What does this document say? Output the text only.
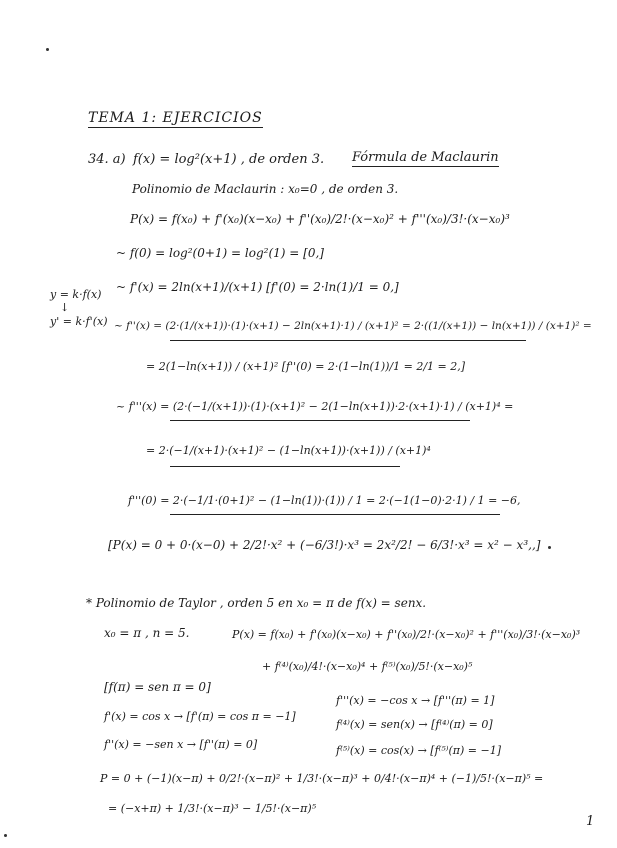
TEMA 1: EJERCICIOS
34. a) f(x) = log²(x+1) , de orden 3. Fórmula de Maclaurin
Polinomio de Maclaurin : x₀=0 , de orden 3.
P(x) = f(x₀) + f'(x₀)(x−x₀) + f''(x₀)/2!·(x−x₀)² + f'''(x₀)/3!·(x−x₀)³
~ f(0) = log²(0+1) = log²(1) = [0,]
~ f'(x) = 2ln(x+1)/(x+1) [f'(0) = 2·ln(1)/1 = 0,]
y = k·f(x)
↓
y' = k·f'(x) ~ f''(x) = (2·(1/(x+1))·(1)·(x+1) − 2ln(x+1)·1) / (x+1)² = 2·((1/(x+1)) − ln(x+1)) / (x+1)² =
= 2(1−ln(x+1)) / (x+1)² [f''(0) = 2·(1−ln(1))/1 = 2/1 = 2,]
~ f'''(x) = (2·(−1/(x+1))·(1)·(x+1)² − 2(1−ln(x+1))·2·(x+1)·1) / (x+1)⁴ =
= 2·(−1/(x+1)·(x+1)² − (1−ln(x+1))·(x+1)) / (x+1)⁴
f'''(0) = 2·(−1/1·(0+1)² − (1−ln(1))·(1)) / 1 = 2·(−1(1−0)·2·1) / 1 = −6,
[P(x) = 0 + 0·(x−0) + 2/2!·x² + (−6/3!)·x³ = 2x²/2! − 6/3!·x³ = x² − x³,,]
* Polinomio de Taylor , orden 5 en x₀ = π de f(x) = senx.
x₀ = π , n = 5.	P(x) = f(x₀) + f'(x₀)(x−x₀) + f''(x₀)/2!·(x−x₀)² + f'''(x₀)/3!·(x−x₀)³
+ f⁽⁴⁾(x₀)/4!·(x−x₀)⁴ + f⁽⁵⁾(x₀)/5!·(x−x₀)⁵
[f(π) = sen π = 0]
f'(x) = cos x → [f'(π) = cos π = −1]
f''(x) = −sen x → [f''(π) = 0]
f'''(x) = −cos x → [f'''(π) = 1]
f⁽⁴⁾(x) = sen(x) → [f⁽⁴⁾(π) = 0]
f⁽⁵⁾(x) = cos(x) → [f⁽⁵⁾(π) = −1]
P = 0 + (−1)(x−π) + 0/2!·(x−π)² + 1/3!·(x−π)³ + 0/4!·(x−π)⁴ + (−1)/5!·(x−π)⁵ =
= (−x+π) + 1/3!·(x−π)³ − 1/5!·(x−π)⁵
1
